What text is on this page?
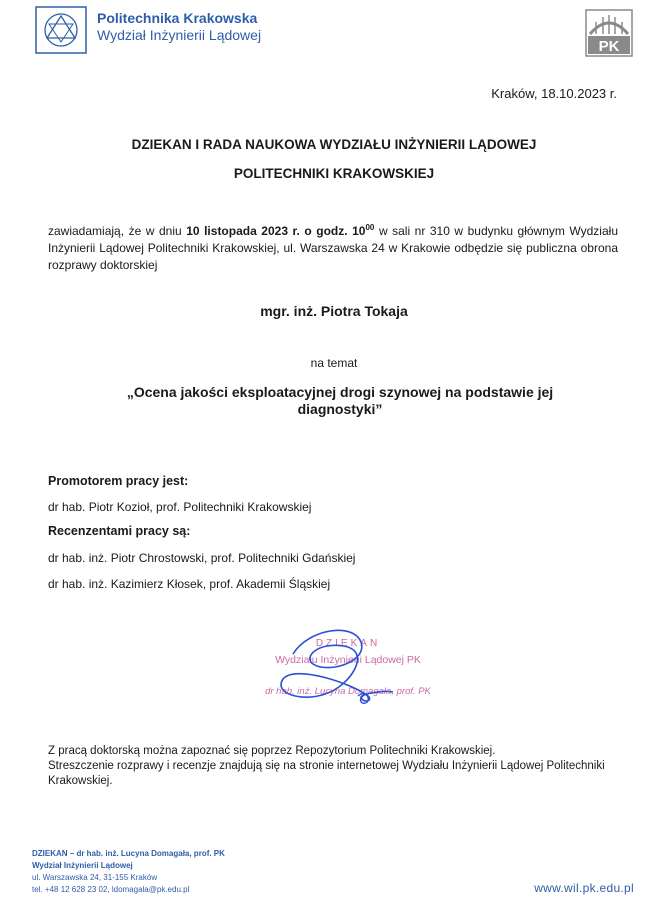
Politechnika Krakowska
Wydział Inżynierii Lądowej
PK
Kraków, 18.10.2023 r.
DZIEKAN I RADA NAUKOWA WYDZIAŁU INŻYNIERII LĄDOWEJ
POLITECHNIKI KRAKOWSKIEJ
zawiadamiają, że w dniu 10 listopada 2023 r. o godz. $10^{00}$ w sali nr 310 w budynku głównym Wydziału Inżynierii Lądowej Politechniki Krakowskiej, ul. Warszawska 24 w Krakowie odbędzie się publiczna obrona rozprawy doktorskiej
mgr. inż. Piotra Tokaja
na temat
„Ocena jakości eksploatacyjnej drogi szynowej na podstawie jej diagnostyki”
Promotorem pracy jest:
dr hab. Piotr Kozioł, prof. Politechniki Krakowskiej
Recenzentami pracy są:
dr hab. inż. Piotr Chrostowski, prof. Politechniki Gdańskiej
dr hab. inż. Kazimierz Kłosek, prof. Akademii Śląskiej
DZIEKAN
Wydziału Inżynierii Lądowej PK
dr hab. inż. Lucyna Domagała, prof. PK
Z pracą doktorską można zapoznać się poprzez Repozytorium Politechniki Krakowskiej.
Streszczenie rozprawy i recenzje znajdują się na stronie internetowej Wydziału Inżynierii Lądowej Politechniki Krakowskiej.
DZIEKAN – dr hab. inż. Lucyna Domagała, prof. PK
Wydział Inżynierii Lądowej
ul. Warszawska 24, 31-155 Kraków
tel. +48 12 628 23 02, ldomagala@pk.edu.pl	www.wil.pk.edu.pl
